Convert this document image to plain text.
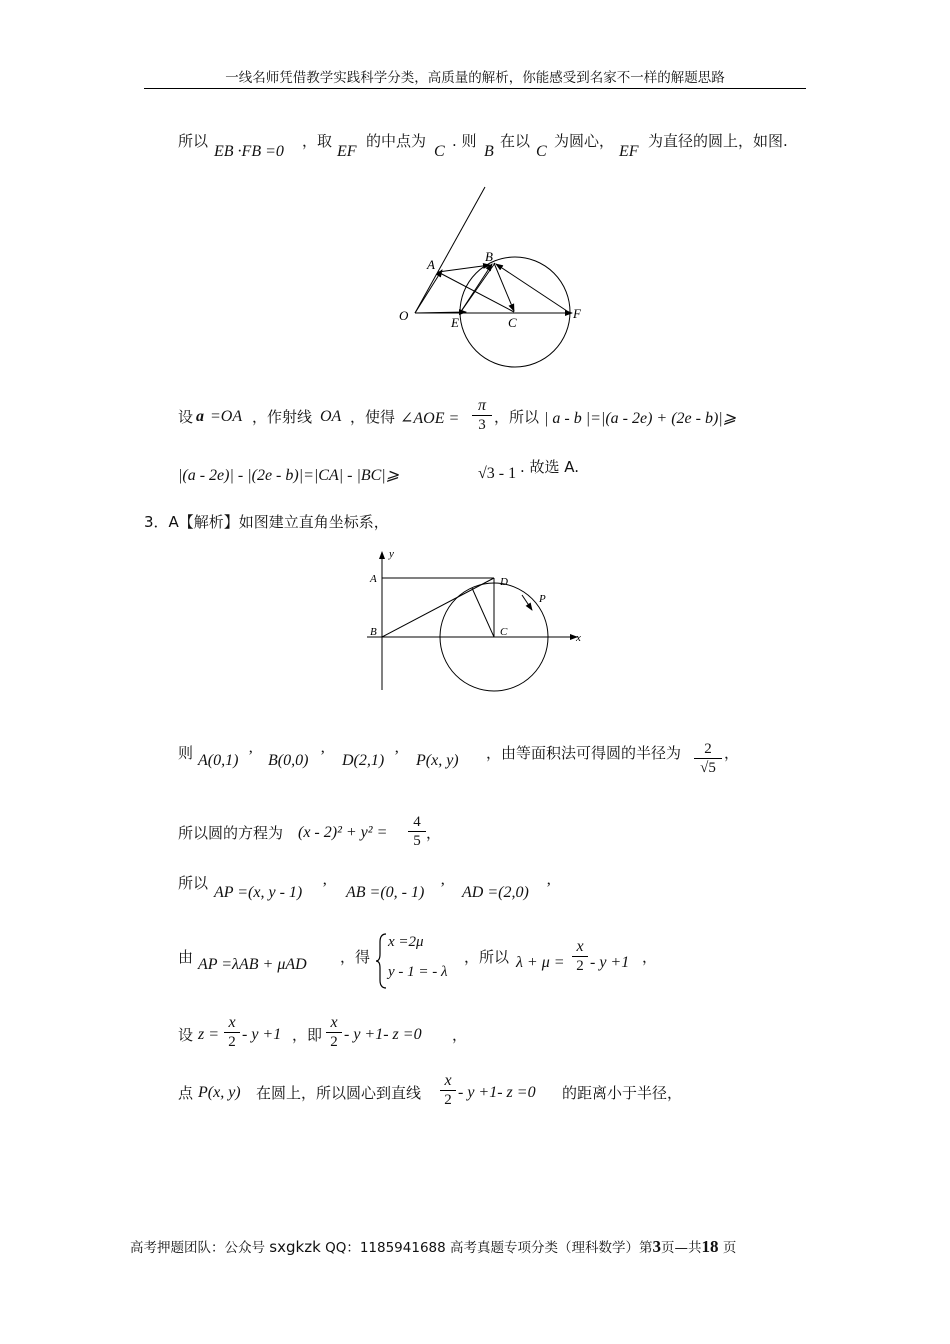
一线名师凭借教学实践科学分类，高质量的解析，你能感受到名家不一样的解题思路
所以
EB ·FB =0
，取
EF
的中点为
C
. 则
B
在以
C
为圆心，
EF
为直径的圆上，如图.
O
A
B
E	C
F
设 a =OA ，作射线 OA ，使得 ∠AOE = $\frac{\pi}{3}$ ，所以 | a - b |=|(a - 2e) + (2e - b)|⩾
|(a - 2e)| - |(2e - b)|=|CA| - |BC|⩾	√3 - 1 . 故选 A.
3．A【解析】如图建立直角坐标系，
y
x
A
B	C
D
P
则 A(0,1) ’ B(0,0) ’ D(2,1) ’ P(x, y) ，由等面积法可得圆的半径为 $\frac{2}{√5}$ ，
所以圆的方程为 $(x - 2)^2 + y^2 = \frac{4}{5}$ ，
所以
AP =(x, y - 1) ’ AB =(0, - 1) ’ AD =(2,0) ’
由 AP =λAB + μAD ，得
x =2μ
y - 1 = - λ
，所以 $\lambda + \mu = \frac{x}{2} - y +1$ ，
设 $z = \frac{x}{2} - y +1$ ，即 $\frac{x}{2} - y +1-$ z =0 ，
点 P(x, y) 在圆上，所以圆心到直线 $\frac{x}{2} - y +1-$ z =0 的距离小于半径，
高考押题团队：公众号 sxgkzk QQ：1185941688 高考真题专项分类（理科数学）第3页—共18 页
